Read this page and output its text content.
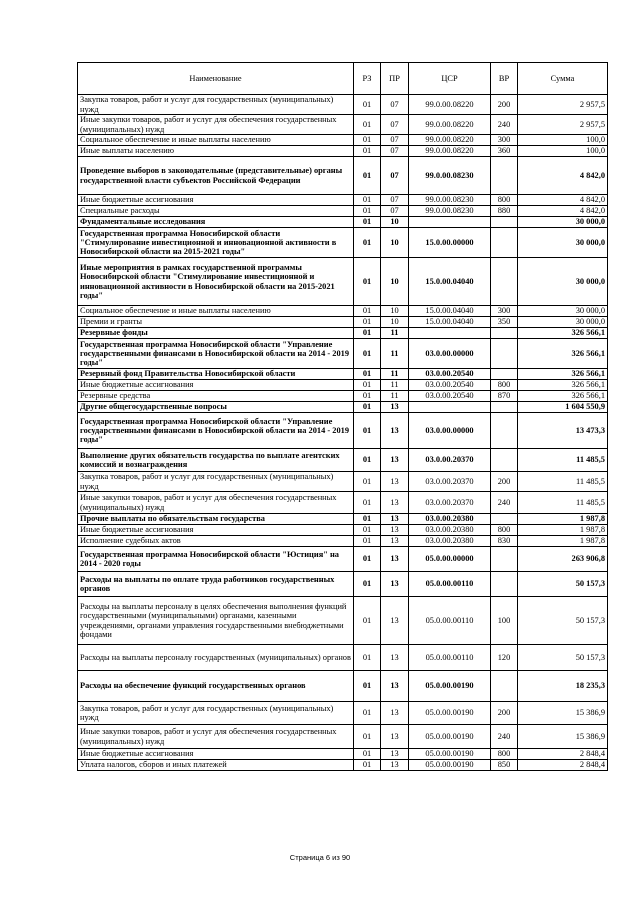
Наименование	РЗ	ПР	ЦСР	ВР	Сумма
Закупка товаров, работ и услуг для государственных (муниципальных) нужд	01	07	99.0.00.08220	200	2 957,5
Иные закупки товаров, работ и услуг для обеспечения государственных (муниципальных) нужд	01	07	99.0.00.08220	240	2 957,5
Социальное обеспечение и иные выплаты населению	01	07	99.0.00.08220	300	100,0
Иные выплаты населению	01	07	99.0.00.08220	360	100,0
Проведение выборов в законодательные (представительные) органы государственной власти субъектов Российской Федерации	01	07	99.0.00.08230		4 842,0
Иные бюджетные ассигнования	01	07	99.0.00.08230	800	4 842,0
Специальные расходы	01	07	99.0.00.08230	880	4 842,0
Фундаментальные исследования	01	10			30 000,0
Государственная программа Новосибирской области "Стимулирование инвестиционной и инновационной активности в Новосибирской области на 2015-2021 годы"	01	10	15.0.00.00000		30 000,0
Иные мероприятия в рамках государственной программы Новосибирской области "Стимулирование инвестиционной и инновационной активности в Новосибирской области на 2015-2021 годы"	01	10	15.0.00.04040		30 000,0
Социальное обеспечение и иные выплаты населению	01	10	15.0.00.04040	300	30 000,0
Премии и гранты	01	10	15.0.00.04040	350	30 000,0
Резервные фонды	01	11			326 566,1
Государственная программа Новосибирской области "Управление государственными финансами в Новосибирской области на 2014 - 2019 годы"	01	11	03.0.00.00000		326 566,1
Резервный фонд Правительства Новосибирской области	01	11	03.0.00.20540		326 566,1
Иные бюджетные ассигнования	01	11	03.0.00.20540	800	326 566,1
Резервные средства	01	11	03.0.00.20540	870	326 566,1
Другие общегосударственные вопросы	01	13			1 604 550,9
Государственная программа Новосибирской области "Управление государственными финансами в Новосибирской области на 2014 - 2019 годы"	01	13	03.0.00.00000		13 473,3
Выполнение других обязательств государства по выплате агентских комиссий и вознаграждения	01	13	03.0.00.20370		11 485,5
Закупка товаров, работ и услуг для государственных (муниципальных) нужд	01	13	03.0.00.20370	200	11 485,5
Иные закупки товаров, работ и услуг для обеспечения государственных (муниципальных) нужд	01	13	03.0.00.20370	240	11 485,5
Прочие выплаты по обязательствам государства	01	13	03.0.00.20380		1 987,8
Иные бюджетные ассигнования	01	13	03.0.00.20380	800	1 987,8
Исполнение судебных актов	01	13	03.0.00.20380	830	1 987,8
Государственная программа Новосибирской области "Юстиция" на 2014 - 2020 годы	01	13	05.0.00.00000		263 906,8
Расходы на выплаты по оплате труда работников государственных органов	01	13	05.0.00.00110		50 157,3
Расходы на выплаты персоналу в целях обеспечения выполнения функций государственными (муниципальными) органами, казенными учреждениями, органами управления государственными внебюджетными фондами	01	13	05.0.00.00110	100	50 157,3
Расходы на выплаты персоналу государственных (муниципальных) органов	01	13	05.0.00.00110	120	50 157,3
Расходы на обеспечение функций государственных органов	01	13	05.0.00.00190		18 235,3
Закупка товаров, работ и услуг для государственных (муниципальных) нужд	01	13	05.0.00.00190	200	15 386,9
Иные закупки товаров, работ и услуг для обеспечения государственных (муниципальных) нужд	01	13	05.0.00.00190	240	15 386,9
Иные бюджетные ассигнования	01	13	05.0.00.00190	800	2 848,4
Уплата налогов, сборов и иных платежей	01	13	05.0.00.00190	850	2 848,4
Страница 6 из 90
